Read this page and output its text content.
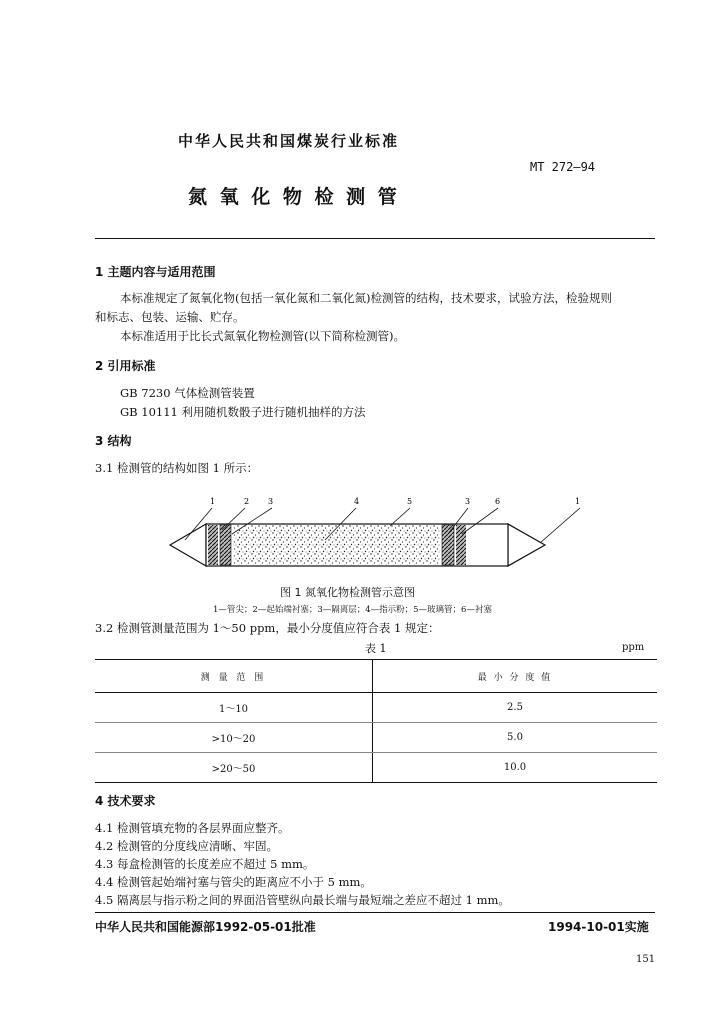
中华人民共和国煤炭行业标准
MT 272—94
氮 氧 化 物 检 测 管
1 主题内容与适用范围
本标准规定了氮氧化物(包括一氧化氮和二氧化氮)检测管的结构，技术要求，试验方法，检验规则
和标志、包装、运输、贮存。
本标准适用于比长式氮氧化物检测管(以下简称检测管)。
2 引用标准
GB 7230 气体检测管装置
GB 10111 利用随机数骰子进行随机抽样的方法
3 结构
3.1 检测管的结构如图 1 所示：
1	2 3	4	5	3	6	1
图 1 氮氧化物检测管示意图
1—管尖；2—起始端衬塞；3—隔离层；4—指示粉；5—玻璃管；6—衬塞
3.2 检测管测量范围为 1～50 ppm，最小分度值应符合表 1 规定：
表 1	ppm
测 量 范 围	最 小 分 度 值
1～10	2.5
>10～20	5.0
>20～50	10.0
4 技术要求
4.1 检测管填充物的各层界面应整齐。
4.2 检测管的分度线应清晰、牢固。
4.3 每盒检测管的长度差应不超过 5 mm。
4.4 检测管起始端衬塞与管尖的距离应不小于 5 mm。
4.5 隔离层与指示粉之间的界面沿管壁纵向最长端与最短端之差应不超过 1 mm。
中华人民共和国能源部1992-05-01批准	1994-10-01实施
151
